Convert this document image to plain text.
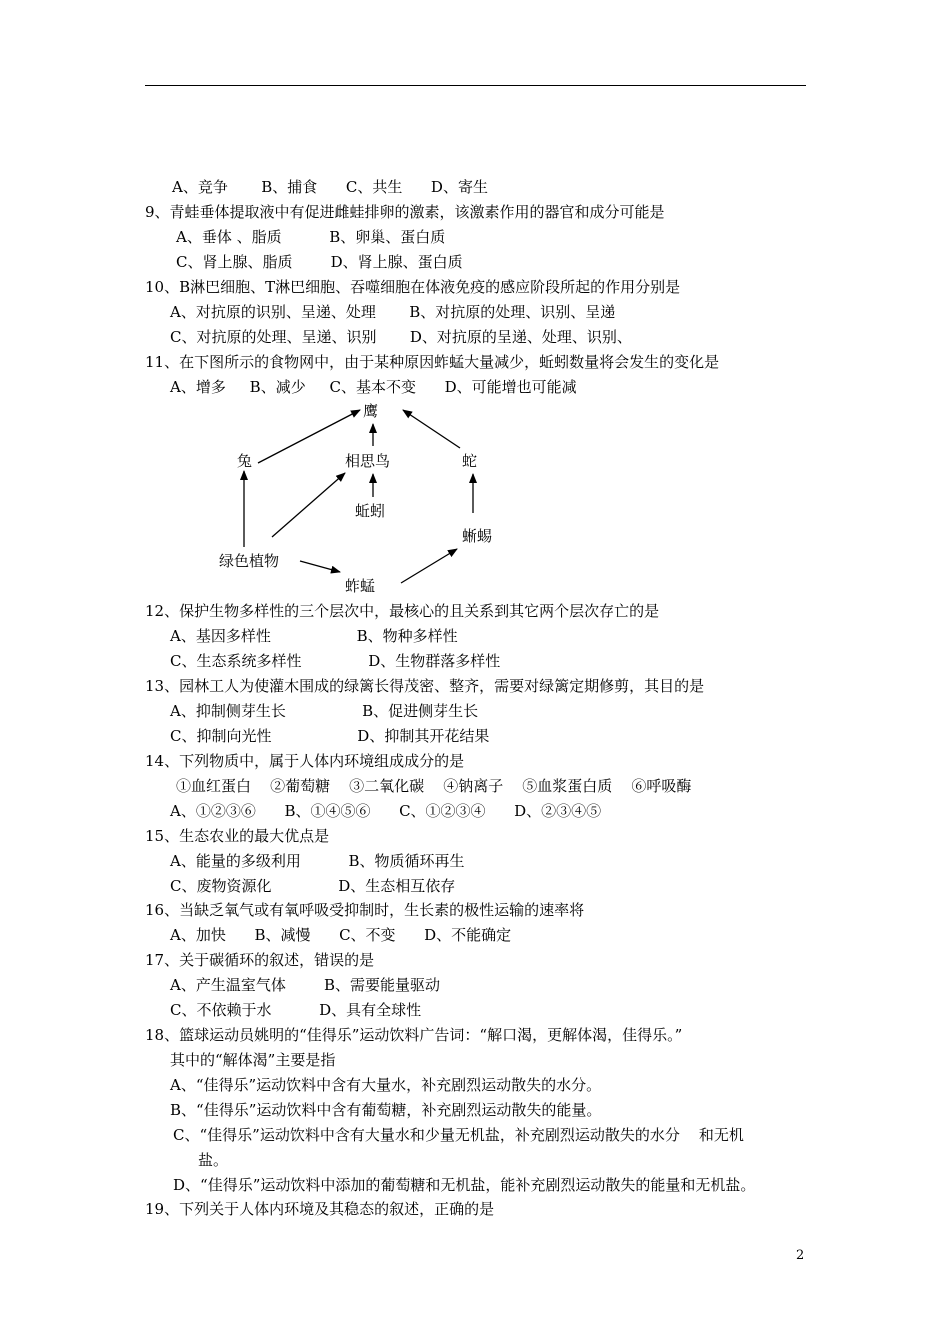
A、竞争       B、捕食      C、共生      D、寄生
9、青蛙垂体提取液中有促进雌蛙排卵的激素，该激素作用的器官和成分可能是
A、垂体 、脂质          B、卵巢、蛋白质
C、肾上腺、脂质        D、肾上腺、蛋白质
10、B淋巴细胞、T淋巴细胞、吞噬细胞在体液免疫的感应阶段所起的作用分别是
A、对抗原的识别、呈递、处理       B、对抗原的处理、识别、呈递
C、对抗原的处理、呈递、识别       D、对抗原的呈递、处理、识别、
11、在下图所示的食物网中，由于某种原因蚱蜢大量减少，蚯蚓数量将会发生的变化是
A、增多     B、减少     C、基本不变      D、可能增也可能减
鹰
兔	相思鸟	蛇
蚯蚓
蜥蜴
绿色植物
蚱蜢
12、保护生物多样性的三个层次中，最核心的且关系到其它两个层次存亡的是
A、基因多样性                  B、物种多样性
C、生态系统多样性              D、生物群落多样性
13、园林工人为使灌木围成的绿篱长得茂密、整齐，需要对绿篱定期修剪，其目的是
A、抑制侧芽生长                B、促进侧芽生长
C、抑制向光性                  D、抑制其开花结果
14、下列物质中，属于人体内环境组成成分的是
①血红蛋白    ②葡萄糖    ③二氧化碳    ④钠离子    ⑤血浆蛋白质    ⑥呼吸酶
A、①②③⑥      B、①④⑤⑥      C、①②③④      D、②③④⑤
15、生态农业的最大优点是
A、能量的多级利用          B、物质循环再生
C、废物资源化              D、生态相互依存
16、当缺乏氧气或有氧呼吸受抑制时，生长素的极性运输的速率将
A、加快      B、减慢      C、不变      D、不能确定
17、关于碳循环的叙述，错误的是
A、产生温室气体        B、需要能量驱动
C、不依赖于水          D、具有全球性
18、篮球运动员姚明的“佳得乐”运动饮料广告词：“解口渴，更解体渴，佳得乐。”
其中的“解体渴”主要是指
A、“佳得乐”运动饮料中含有大量水，补充剧烈运动散失的水分。
B、“佳得乐”运动饮料中含有葡萄糖，补充剧烈运动散失的能量。
C、“佳得乐”运动饮料中含有大量水和少量无机盐，补充剧烈运动散失的水分    和无机
盐。
D、“佳得乐”运动饮料中添加的葡萄糖和无机盐，能补充剧烈运动散失的能量和无机盐。
19、下列关于人体内环境及其稳态的叙述，正确的是
2
